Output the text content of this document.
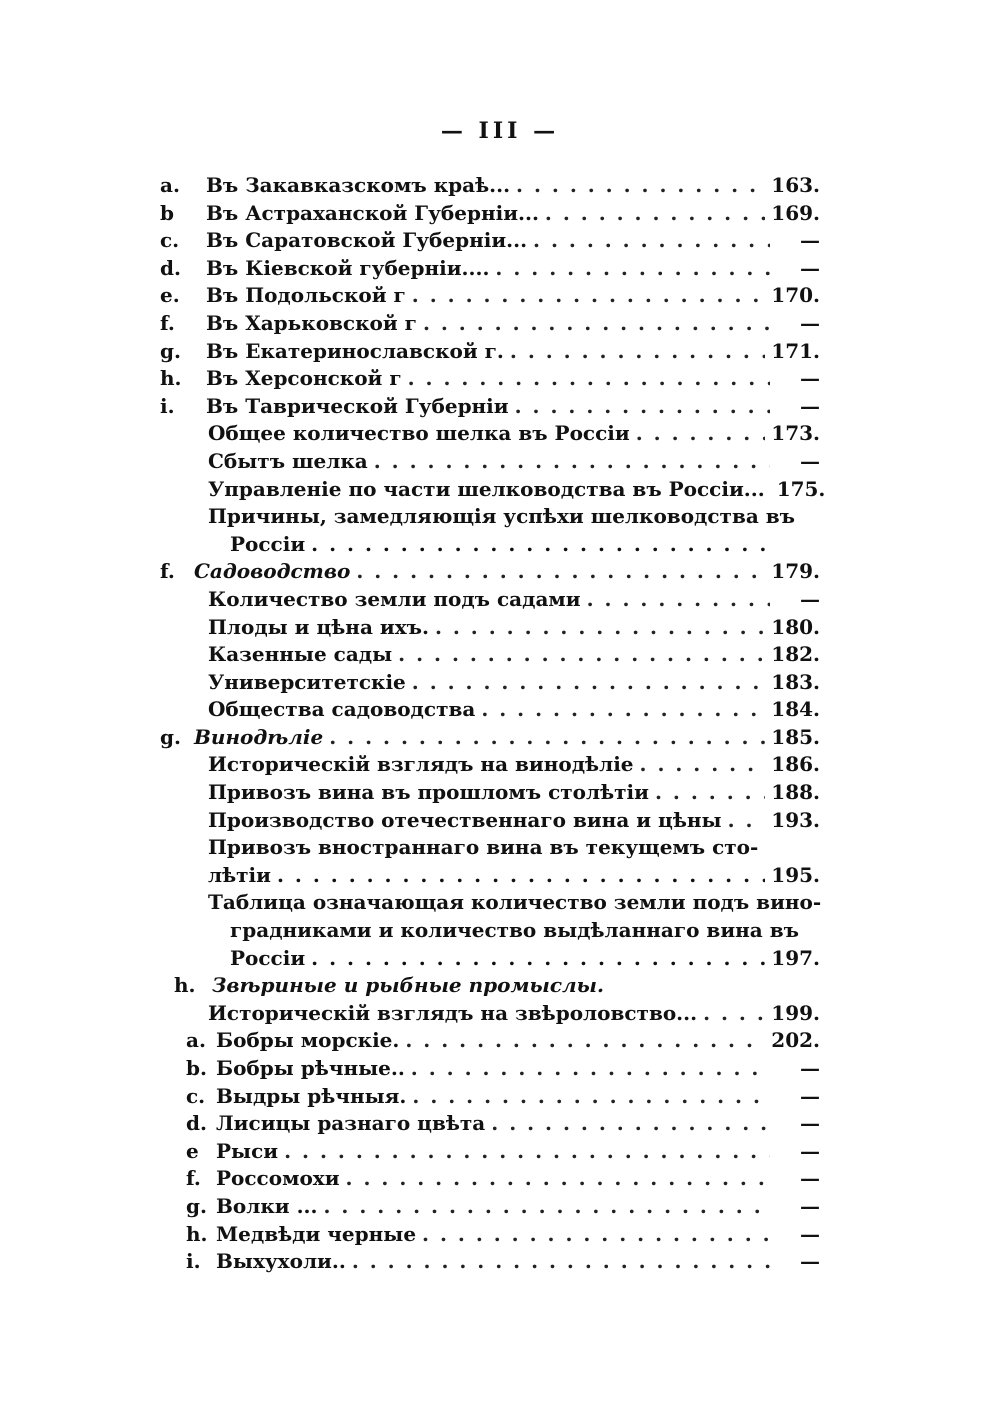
— III —
a.	Въ Закавказскомъ краѣ... . . .	163.
b	Въ Астраханской Губерніи... . . .	169.
c.	Въ Саратовской Губерніи... . . .	—
d.	Въ Кіевской губерніи.... . . .	—
e.	Въ Подольской г . . .	170.
f.	Въ Харьковской г . . .	—
g.	Въ Екатеринославской г. . . .	171.
h.	Въ Херсонской г . . .	—
i.	Въ Таврической Губерніи . . .	—
Общее количество шелка въ Россіи . . .	173.
Сбытъ шелка . . .	—
Управленіе по части шелководства въ Россіи... 175.
Причины, замедляющія успѣхи шелководства въ
Россіи
. . .
f. Садоводство . . .	179.
Количество земли подъ садами . . .	—
Плоды и цѣна ихъ. . . .	180.
Казенные сады . . .	182.
Университетскіе . . .	183.
Общества садоводства . . .	184.
g. Винодѣліе . . .	185.
Историческій взглядъ на винодѣліе . . .	186.
Привозъ вина въ прошломъ столѣтіи . . .	188.
Производство отечественнаго вина и цѣны . . . 193.
Привозъ вностраннаго вина въ текущемъ сто-
лѣтіи . . .	195.
Таблица означающая количество земли подъ вино-
градниками и количество выдѣланнаго вина въ
Россіи . . .	197.
h. Звѣриные и рыбные промыслы.
Историческій взглядъ на звѣроловство... . . .	199.
a. Бобры морскіе. . . .	202.
b. Бобры рѣчные.. . . .	—
c. Выдры рѣчныя. . . .	—
d. Лисицы разнаго цвѣта . . .	—
e Рыси . . .	—
f. Россомохи . . .	—
g. Волки ... . . .	—
h. Медвѣди черные . . .	—
i. Выхухоли.. . . .	—
